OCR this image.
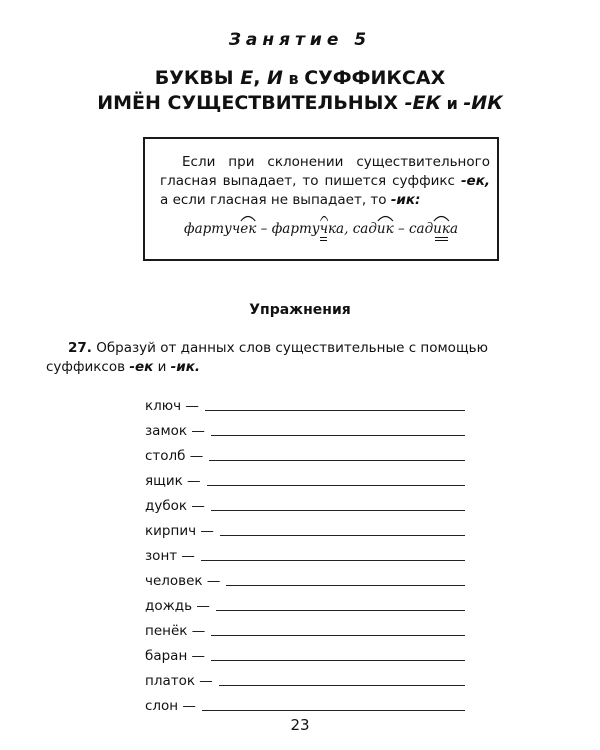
Занятие 5
БУКВЫ Е, И в СУФФИКСАХ
ИМЁН СУЩЕСТВИТЕЛЬНЫХ -ЕК и -ИК
Если при склонении существительного гласная выпадает, то пишется суффикс -ек, а если гласная не выпадает, то -ик:
фартуч
ек – фарту
ч
ка, сад
ик – сад
ик
а
Упражнения
27. Образуй от данных слов существительные с помощью суффиксов -ек и -ик.
ключ —
замок —
столб —
ящик —
дубок —
кирпич —
зонт —
человек —
дождь —
пенёк —
баран —
платок —
слон —
23
